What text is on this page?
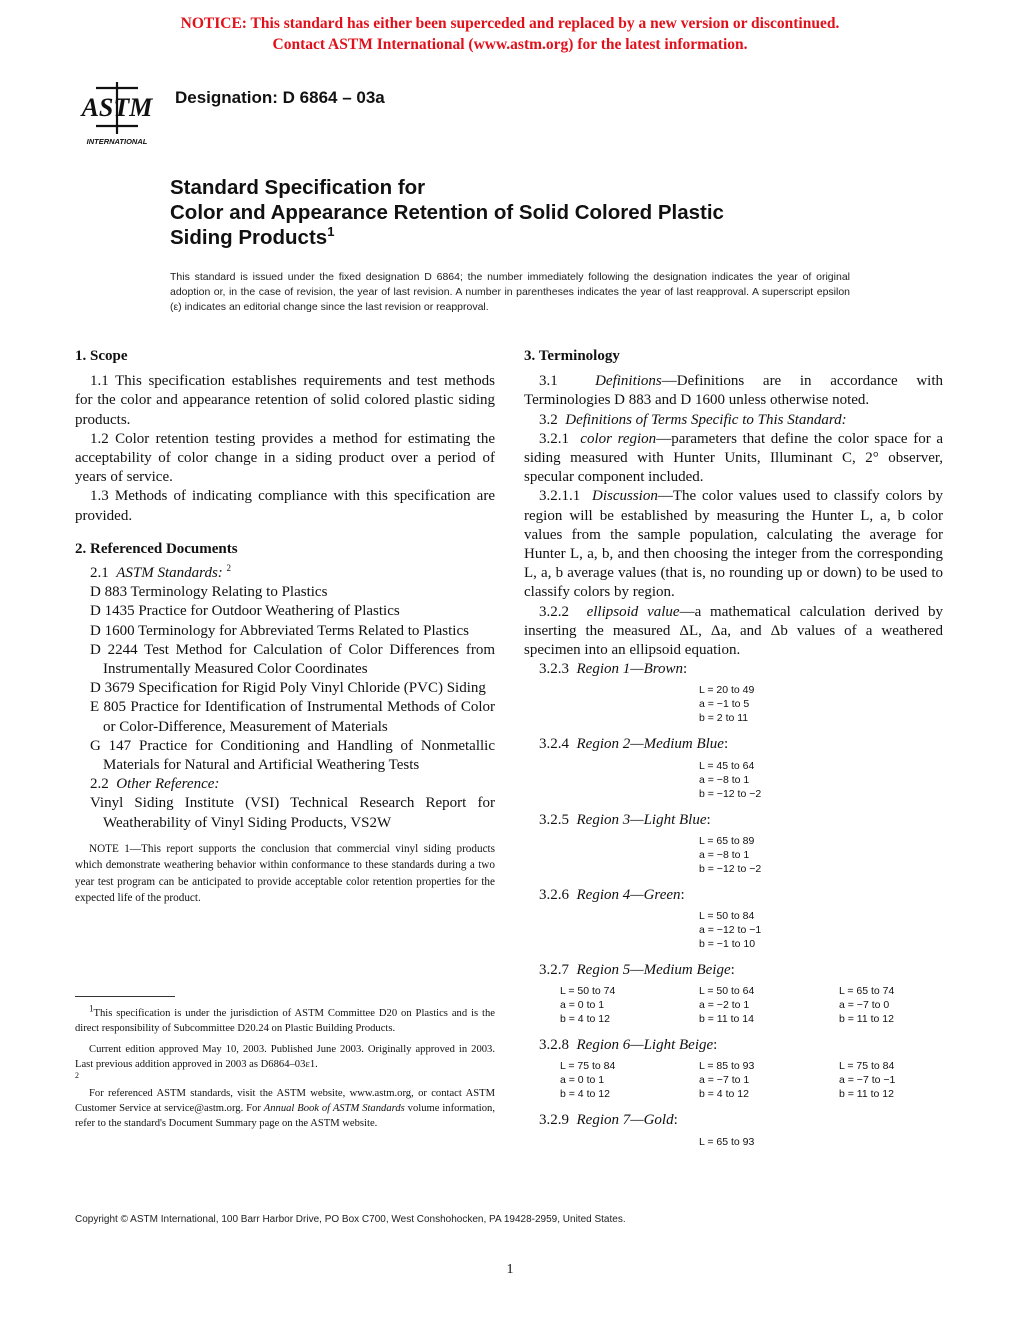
NOTICE: This standard has either been superceded and replaced by a new version or discontinued.
Contact ASTM International (www.astm.org) for the latest information.
ASTM
INTERNATIONAL
Designation: D 6864 – 03a
Standard Specification for
Color and Appearance Retention of Solid Colored Plastic
Siding Products$^1$
This standard is issued under the fixed designation D 6864; the number immediately following the designation indicates the year of original adoption or, in the case of revision, the year of last revision. A number in parentheses indicates the year of last reapproval. A superscript epsilon (ε) indicates an editorial change since the last revision or reapproval.
1. Scope
1.1 This specification establishes requirements and test methods for the color and appearance retention of solid colored plastic siding products.
1.2 Color retention testing provides a method for estimating the acceptability of color change in a siding product over a period of years of service.
1.3 Methods of indicating compliance with this specification are provided.
2. Referenced Documents
2.1 ASTM Standards: $^2$
D 883 Terminology Relating to Plastics
D 1435 Practice for Outdoor Weathering of Plastics
D 1600 Terminology for Abbreviated Terms Related to Plastics
D 2244 Test Method for Calculation of Color Differences from Instrumentally Measured Color Coordinates
D 3679 Specification for Rigid Poly Vinyl Chloride (PVC) Siding
E 805 Practice for Identification of Instrumental Methods of Color or Color-Difference, Measurement of Materials
G 147 Practice for Conditioning and Handling of Nonmetallic Materials for Natural and Artificial Weathering Tests
2.2 Other Reference:
Vinyl Siding Institute (VSI) Technical Research Report for Weatherability of Vinyl Siding Products, VS2W
NOTE 1—This report supports the conclusion that commercial vinyl siding products which demonstrate weathering behavior within conformance to these standards during a two year test program can be anticipated to provide acceptable color retention properties for the expected life of the product.
$^1$This specification is under the jurisdiction of ASTM Committee D20 on Plastics and is the direct responsibility of Subcommittee D20.24 on Plastic Building Products.
Current edition approved May 10, 2003. Published June 2003. Originally approved in 2003. Last previous addition approved in 2003 as D6864–03ε1.
2
For referenced ASTM standards, visit the ASTM website, www.astm.org, or contact ASTM Customer Service at service@astm.org. For Annual Book of ASTM Standards volume information, refer to the standard's Document Summary page on the ASTM website.
3. Terminology
3.1 Definitions—Definitions are in accordance with Terminologies D 883 and D 1600 unless otherwise noted.
3.2 Definitions of Terms Specific to This Standard:
3.2.1 color region—parameters that define the color space for a siding measured with Hunter Units, Illuminant C, 2° observer, specular component included.
3.2.1.1 Discussion—The color values used to classify colors by region will be established by measuring the Hunter L, a, b color values from the sample population, calculating the average for Hunter L, a, b, and then choosing the integer from the corresponding L, a, b average values (that is, no rounding up or down) to be used to classify colors by region.
3.2.2 ellipsoid value—a mathematical calculation derived by inserting the measured ΔL, Δa, and Δb values of a weathered specimen into an ellipsoid equation.
3.2.3 Region 1—Brown:
L = 20 to 49
a = −1 to 5
b = 2 to 11
3.2.4 Region 2—Medium Blue:
L = 45 to 64
a = −8 to 1
b = −12 to −2
3.2.5 Region 3—Light Blue:
L = 65 to 89
a = −8 to 1
b = −12 to −2
3.2.6 Region 4—Green:
L = 50 to 84
a = −12 to −1
b = −1 to 10
3.2.7 Region 5—Medium Beige:
L = 50 to 74
a = 0 to 1
b = 4 to 12
L = 50 to 64
a = −2 to 1
b = 11 to 14
L = 65 to 74
a = −7 to 0
b = 11 to 12
3.2.8 Region 6—Light Beige:
L = 75 to 84
a = 0 to 1
b = 4 to 12
L = 85 to 93
a = −7 to 1
b = 4 to 12
L = 75 to 84
a = −7 to −1
b = 11 to 12
3.2.9 Region 7—Gold:
L = 65 to 93
Copyright © ASTM International, 100 Barr Harbor Drive, PO Box C700, West Conshohocken, PA 19428-2959, United States.
1
